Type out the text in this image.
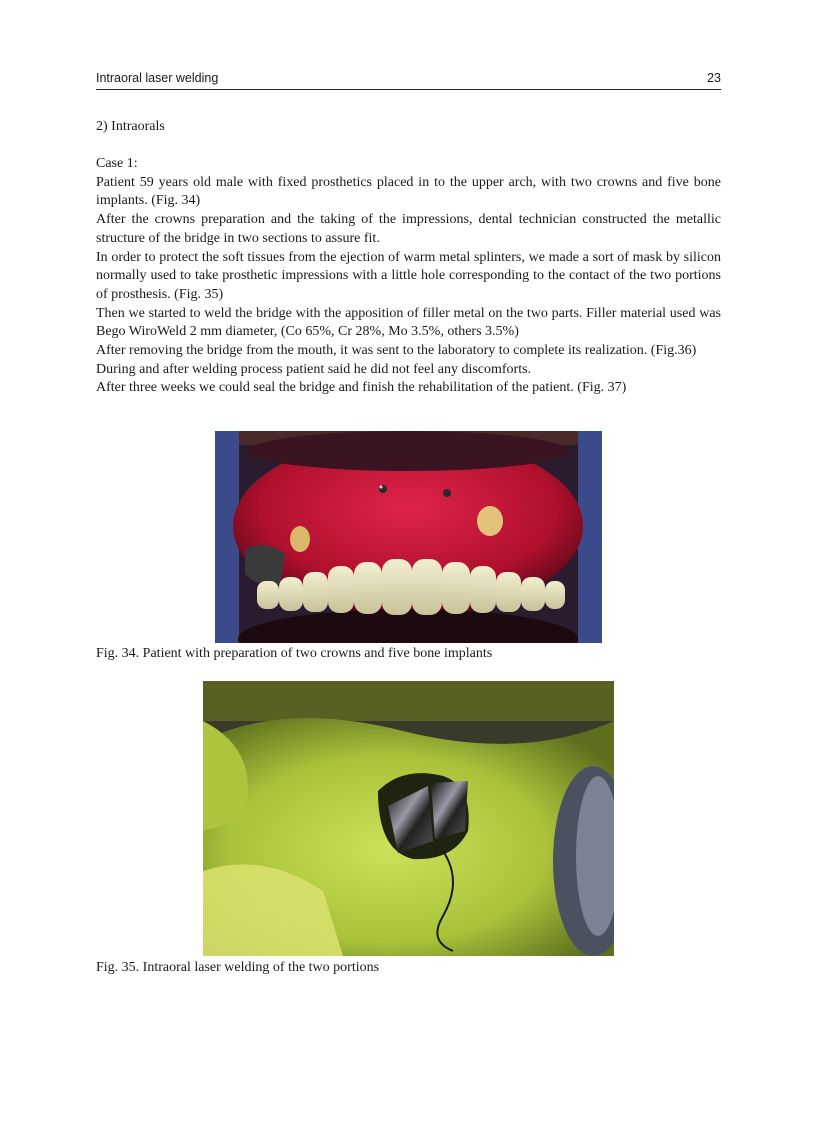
Intraoral laser welding	23
2) Intraorals

Case 1:

Patient 59 years old male with fixed prosthetics placed in to the upper arch, with two crowns and five bone implants. (Fig. 34)

After the crowns preparation and the taking of the impressions, dental technician constructed the metallic structure of the bridge in two sections to assure fit.

In order to protect the soft tissues from the ejection of warm metal splinters, we made a sort of mask by silicon normally used to take prosthetic impressions with a little hole corresponding to the contact of the two portions of prosthesis. (Fig. 35)

Then we started to weld the bridge with the apposition of filler metal on the two parts. Filler material used was Bego WiroWeld 2 mm diameter, (Co 65%, Cr 28%, Mo 3.5%, others 3.5%)

After removing the bridge from the mouth, it was sent to the laboratory to complete its realization. (Fig.36)

During and after welding process patient said he did not feel any discomforts.

After three weeks we could seal the bridge and finish the rehabilitation of the patient. (Fig. 37)

Fig. 34. Patient with preparation of two crowns and five bone implants
Fig. 35. Intraoral laser welding of the two portions
